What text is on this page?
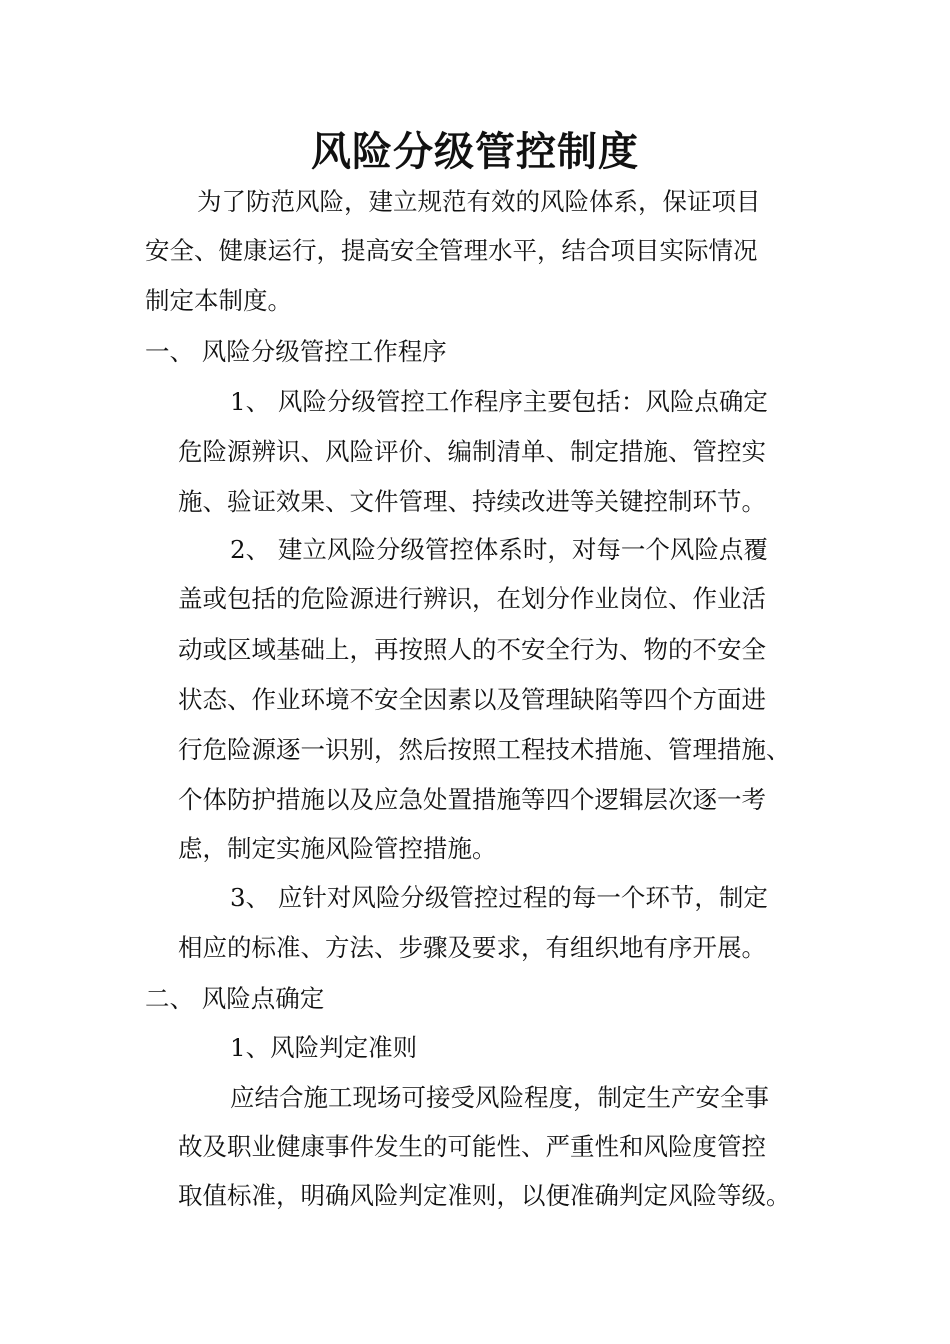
风险分级管控制度
为了防范风险，建立规范有效的风险体系，保证项目
安全、健康运行，提高安全管理水平，结合项目实际情况
制定本制度。
一、 风险分级管控工作程序
1、 风险分级管控工作程序主要包括：风险点确定
危险源辨识、风险评价、编制清单、制定措施、管控实
施、验证效果、文件管理、持续改进等关键控制环节。
2、 建立风险分级管控体系时，对每一个风险点覆
盖或包括的危险源进行辨识，在划分作业岗位、作业活
动或区域基础上，再按照人的不安全行为、物的不安全
状态、作业环境不安全因素以及管理缺陷等四个方面进
行危险源逐一识别，然后按照工程技术措施、管理措施、
个体防护措施以及应急处置措施等四个逻辑层次逐一考
虑，制定实施风险管控措施。
3、 应针对风险分级管控过程的每一个环节，制定
相应的标准、方法、步骤及要求，有组织地有序开展。
二、 风险点确定
1、风险判定准则
应结合施工现场可接受风险程度，制定生产安全事
故及职业健康事件发生的可能性、严重性和风险度管控
取值标准，明确风险判定准则，以便准确判定风险等级。
